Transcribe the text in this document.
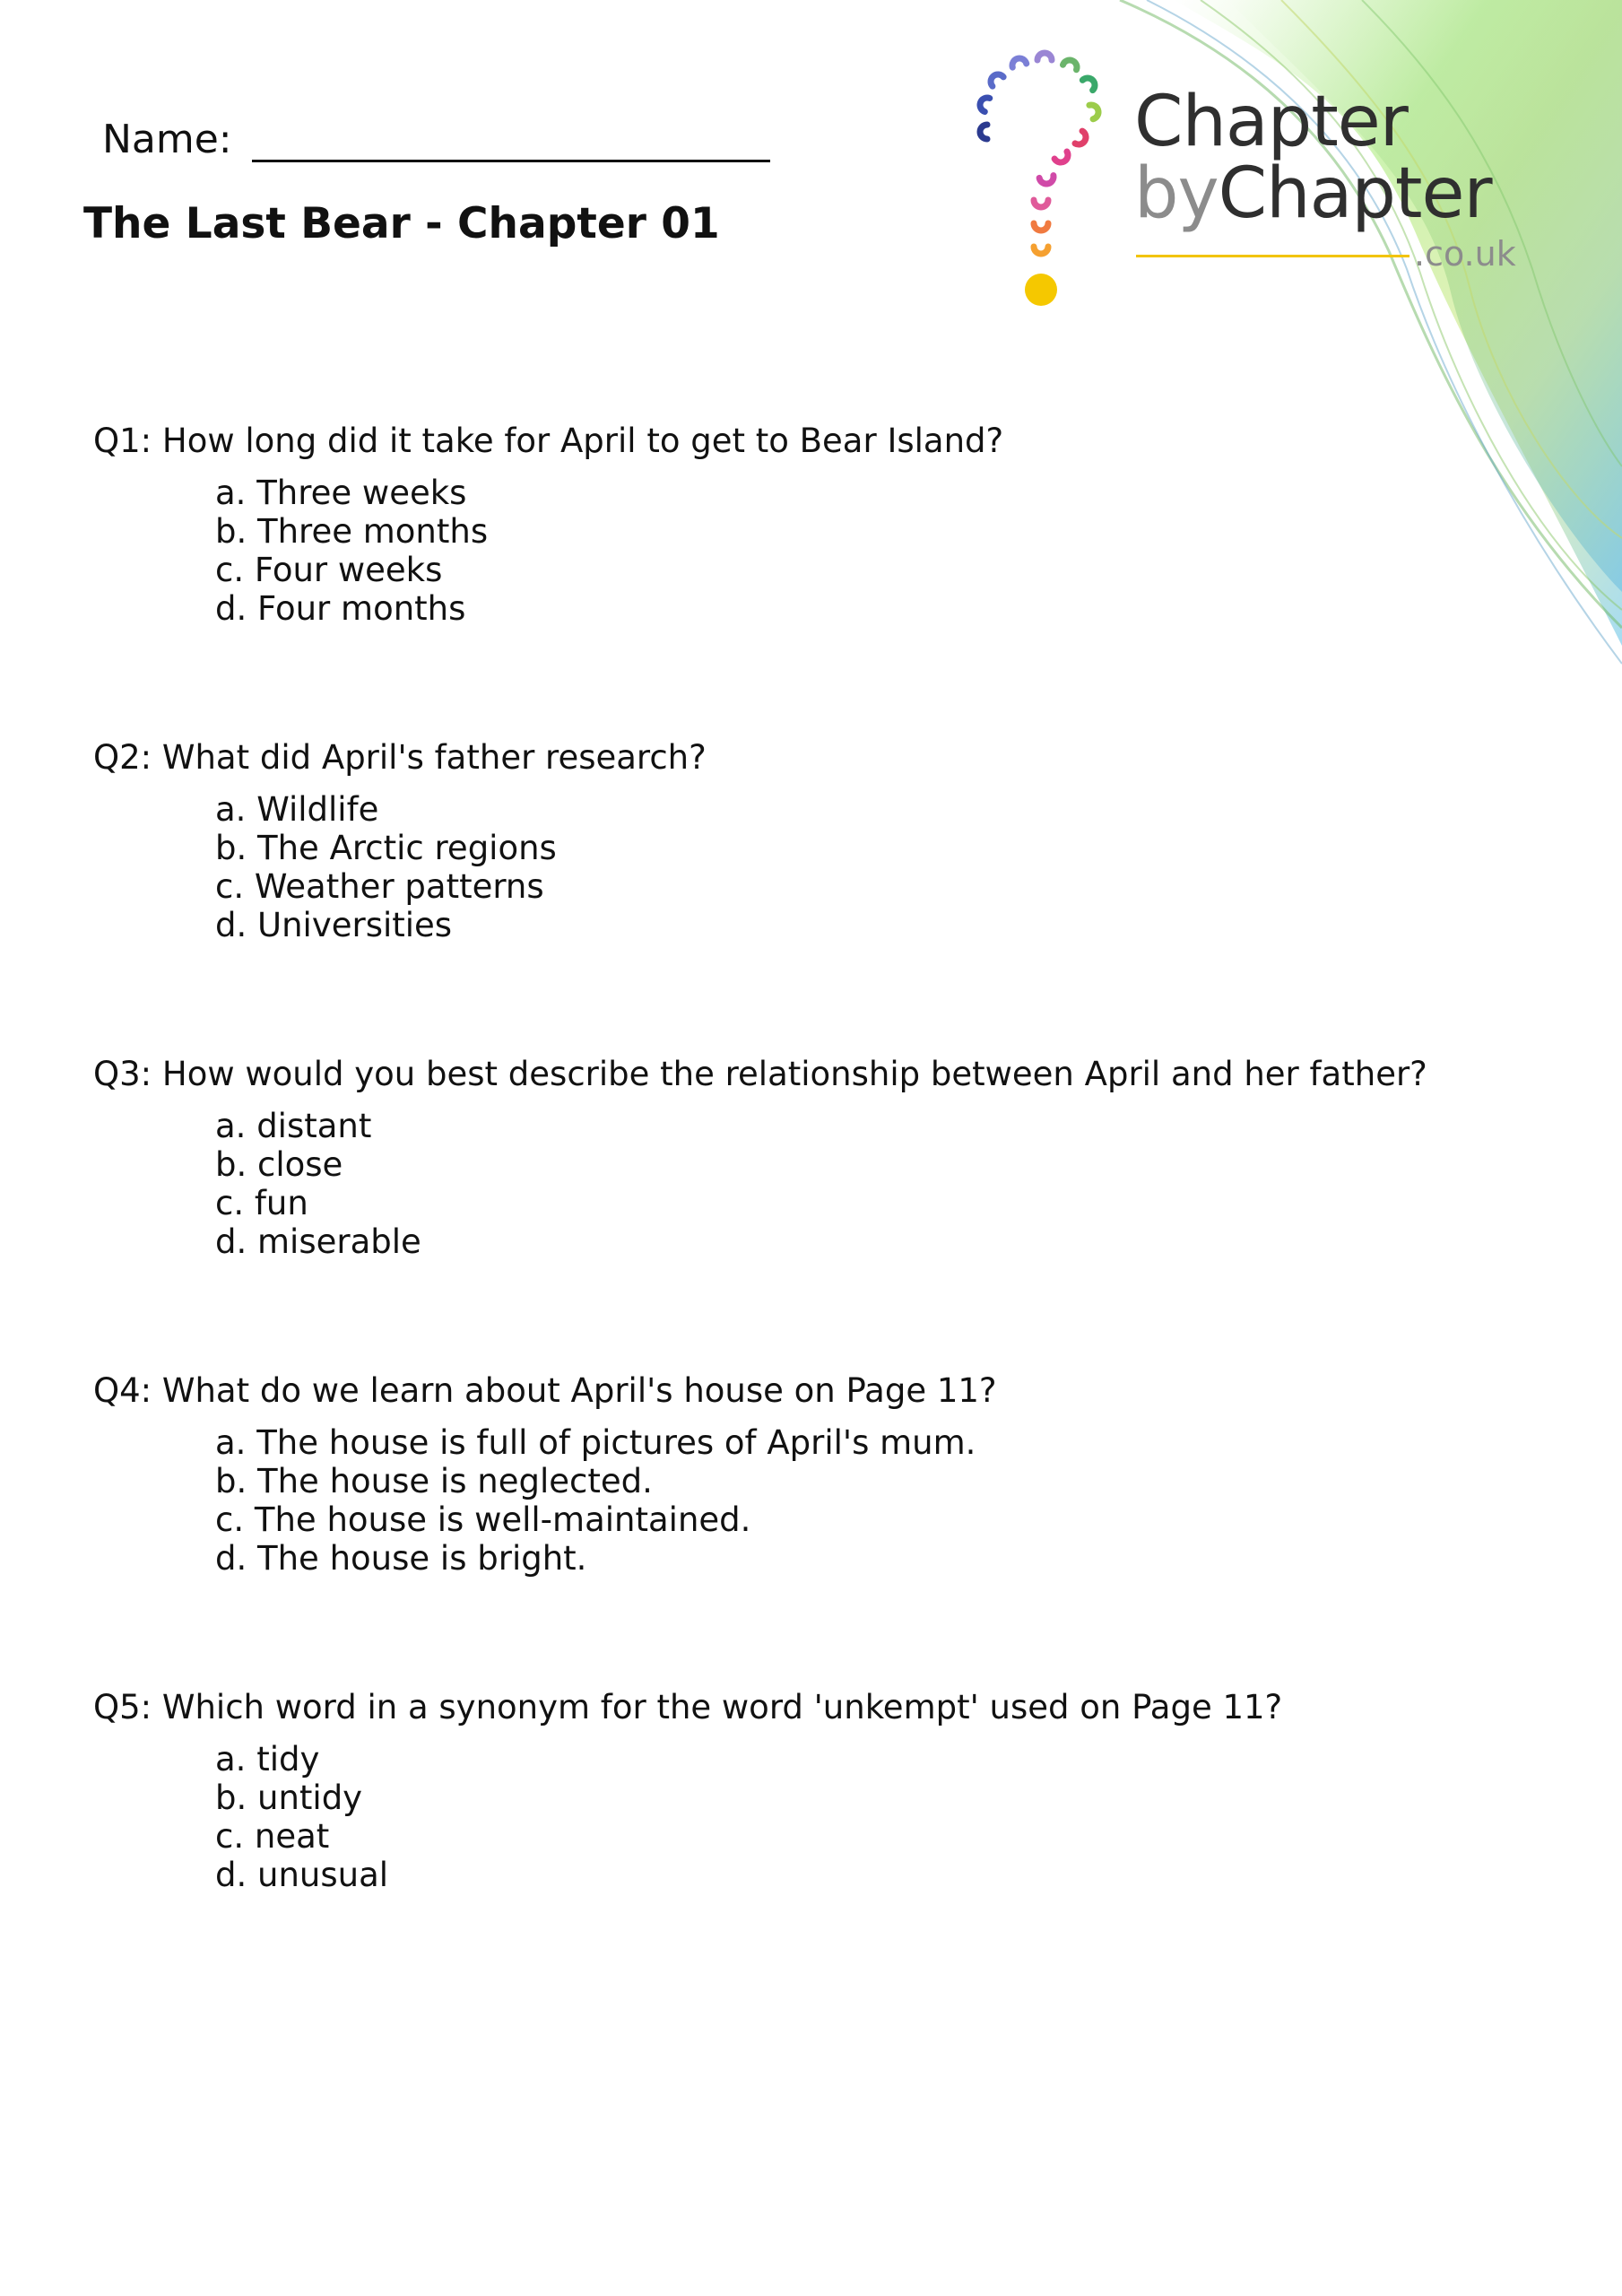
Name:
The Last Bear - Chapter 01
Chapter
byChapter
.co.uk

Q1: How long did it take for April to get to Bear Island?

a. Three weeks
b. Three months
c. Four weeks
d. Four months

Q2: What did April's father research?

a. Wildlife
b. The Arctic regions
c. Weather patterns
d. Universities

Q3: How would you best describe the relationship between April and her father?

a. distant
b. close
c. fun
d. miserable

Q4: What do we learn about April's house on Page 11?

a. The house is full of pictures of April's mum.
b. The house is neglected.
c. The house is well-maintained.
d. The house is bright.

Q5: Which word in a synonym for the word 'unkempt' used on Page 11?

a. tidy
b. untidy
c. neat
d. unusual
